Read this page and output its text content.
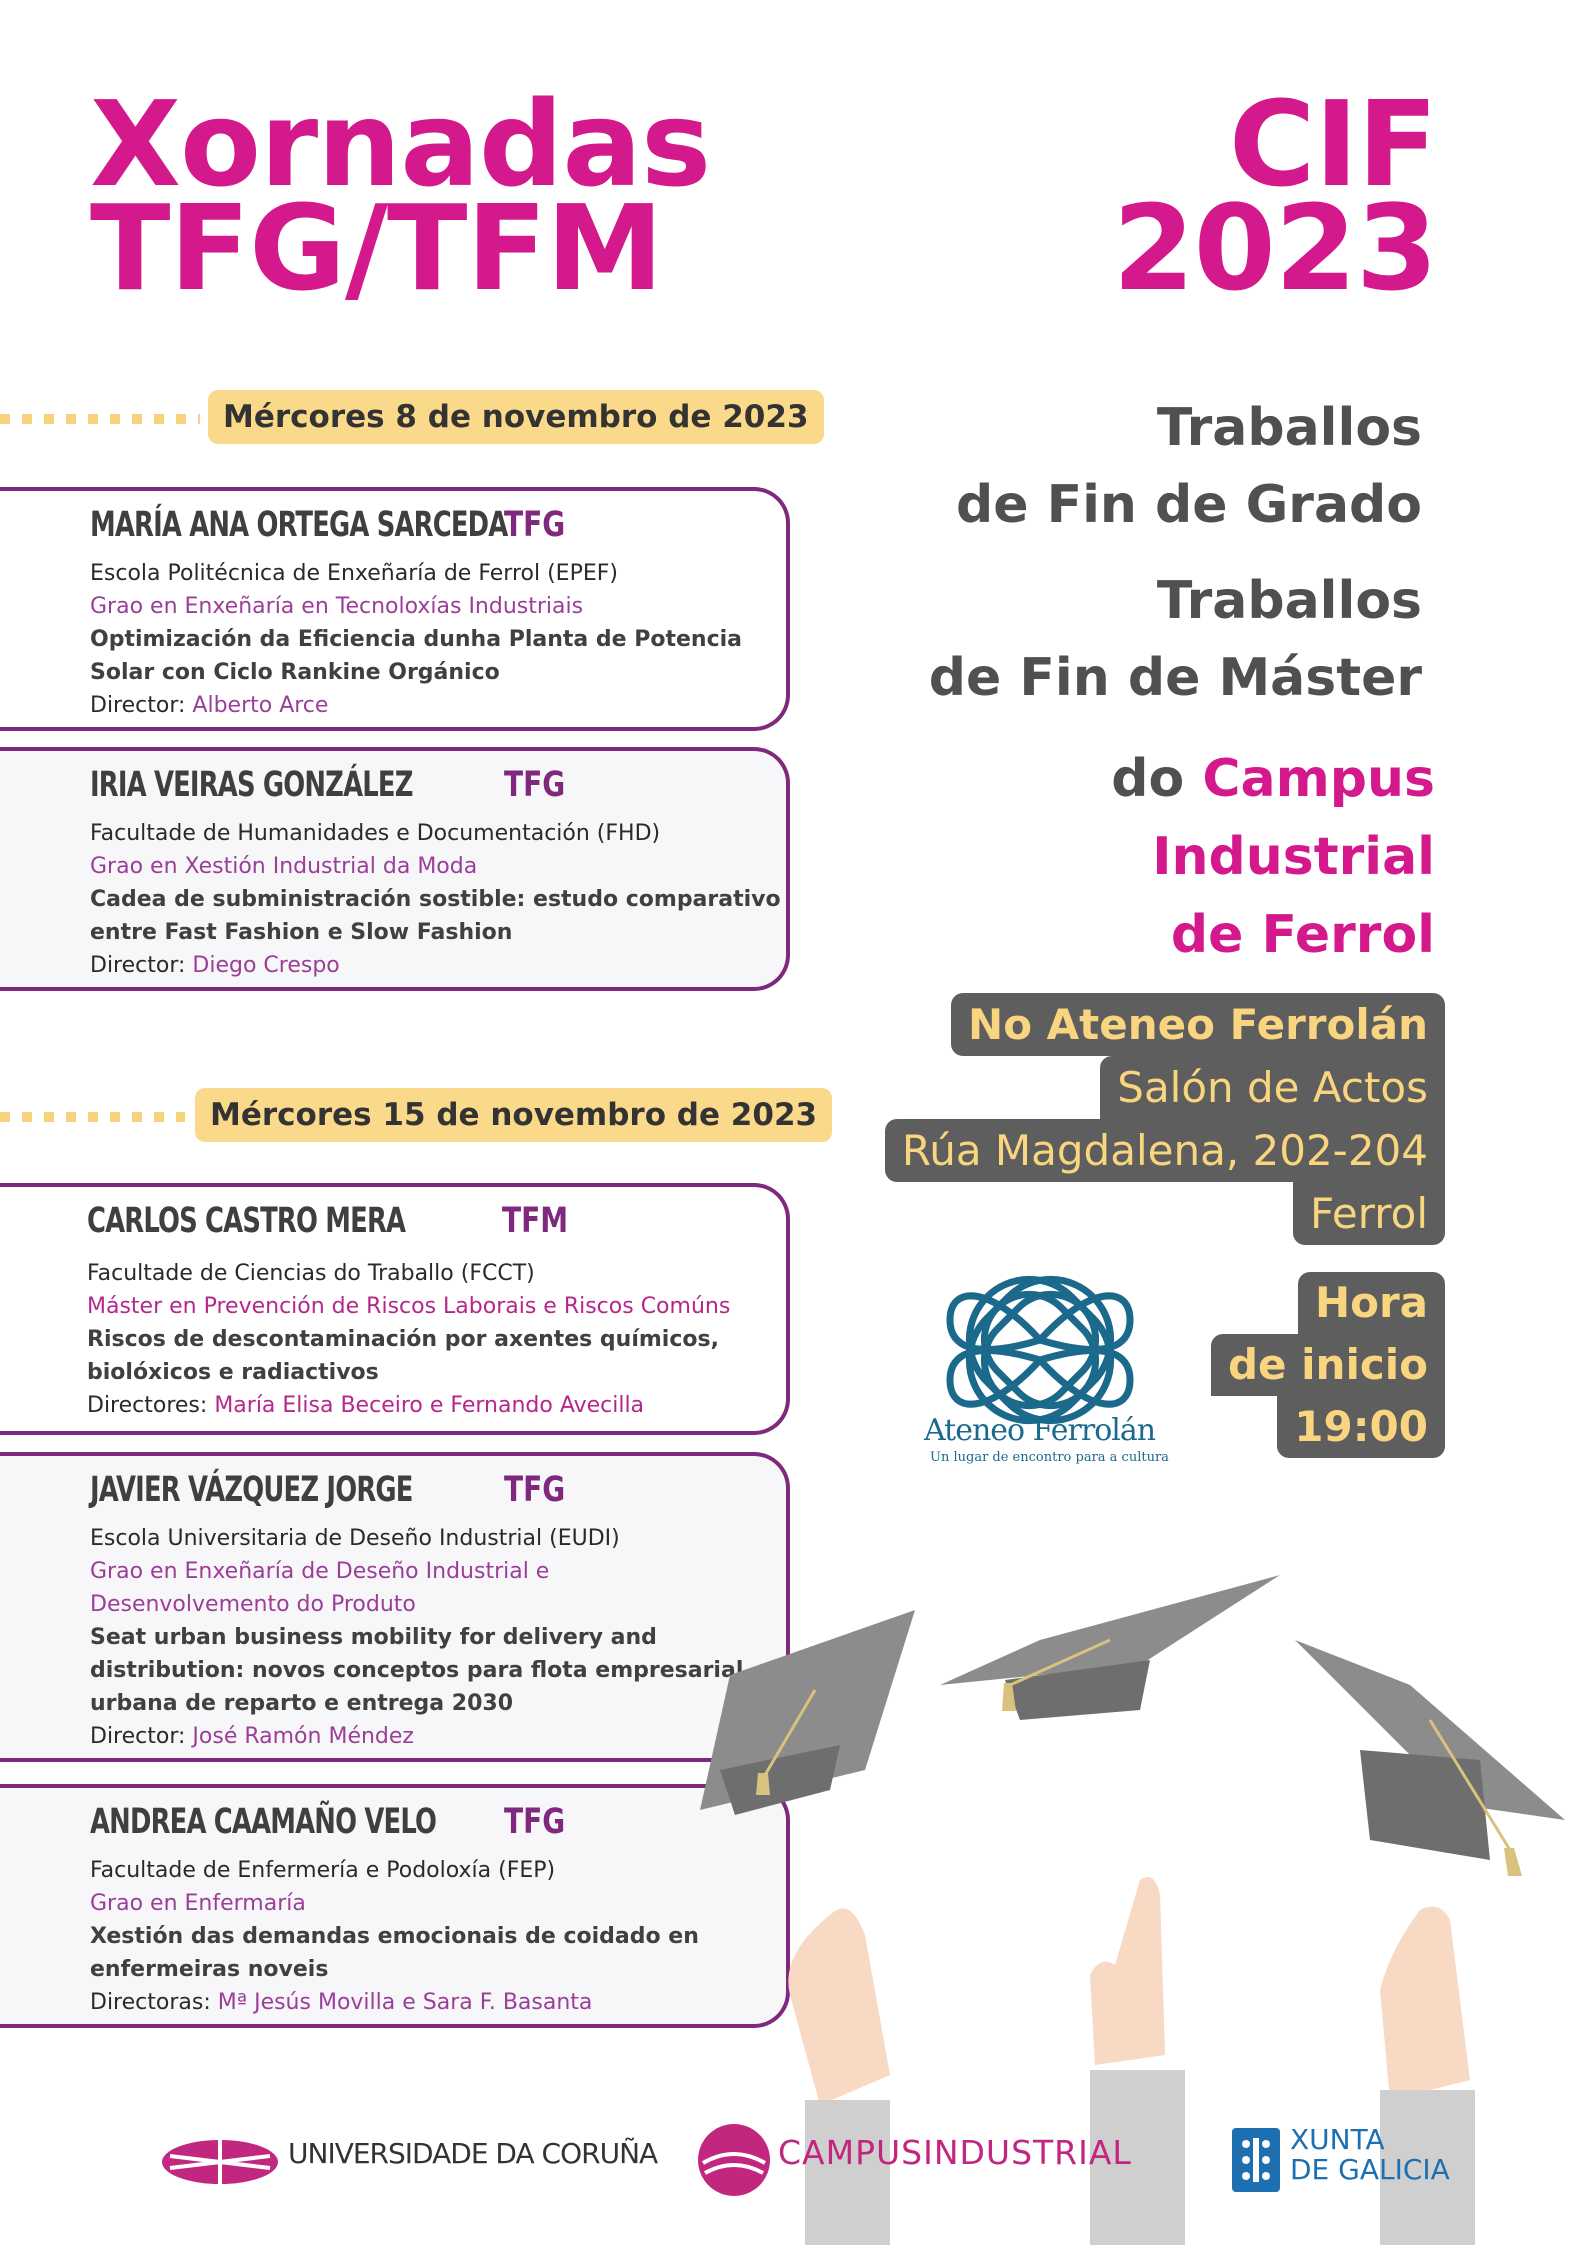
Xornadas
TFG/TFM
CIF
2023
Mércores 8 de novembro de 2023
MARÍA ANA ORTEGA SARCEDA
TFG
Escola Politécnica de Enxeñaría de Ferrol (EPEF)
Grao en Enxeñaría en Tecnoloxías Industriais
Optimización da Eficiencia dunha Planta de Potencia
Solar con Ciclo Rankine Orgánico
Director: Alberto Arce
IRIA VEIRAS GONZÁLEZ	TFG
Facultade de Humanidades e Documentación (FHD)
Grao en Xestión Industrial da Moda
Cadea de subministración sostible: estudo comparativo
entre Fast Fashion e Slow Fashion
Director: Diego Crespo
Mércores 15 de novembro de 2023
CARLOS CASTRO MERA	TFM
Facultade de Ciencias do Traballo (FCCT)
Máster en Prevención de Riscos Laborais e Riscos Comúns
Riscos de descontaminación por axentes químicos,
biolóxicos e radiactivos
Directores: María Elisa Beceiro e Fernando Avecilla
JAVIER VÁZQUEZ JORGE	TFG
Escola Universitaria de Deseño Industrial (EUDI)
Grao en Enxeñaría de Deseño Industrial e
Desenvolvemento do Produto
Seat urban business mobility for delivery and
distribution: novos conceptos para flota empresarial
urbana de reparto e entrega 2030
Director: José Ramón Méndez
ANDREA CAAMAÑO VELO TFG
Facultade de Enfermería e Podoloxía (FEP)
Grao en Enfermaría
Xestión das demandas emocionais de coidado en
enfermeiras noveis
Directoras: Mª Jesús Movilla e Sara F. Basanta
Traballos
de Fin de Grado
Traballos
de Fin de Máster
do Campus
Industrial
de Ferrol
No Ateneo Ferrolán
Salón de Actos
Rúa Magdalena, 202-204
Ferrol
Hora
de inicio
19:00
Ateneo Ferrolán
Un lugar de encontro para a cultura
UNIVERSIDADE DA CORUÑA	CAMPUSINDUSTRIAL	XUNTA
DE GALICIA
